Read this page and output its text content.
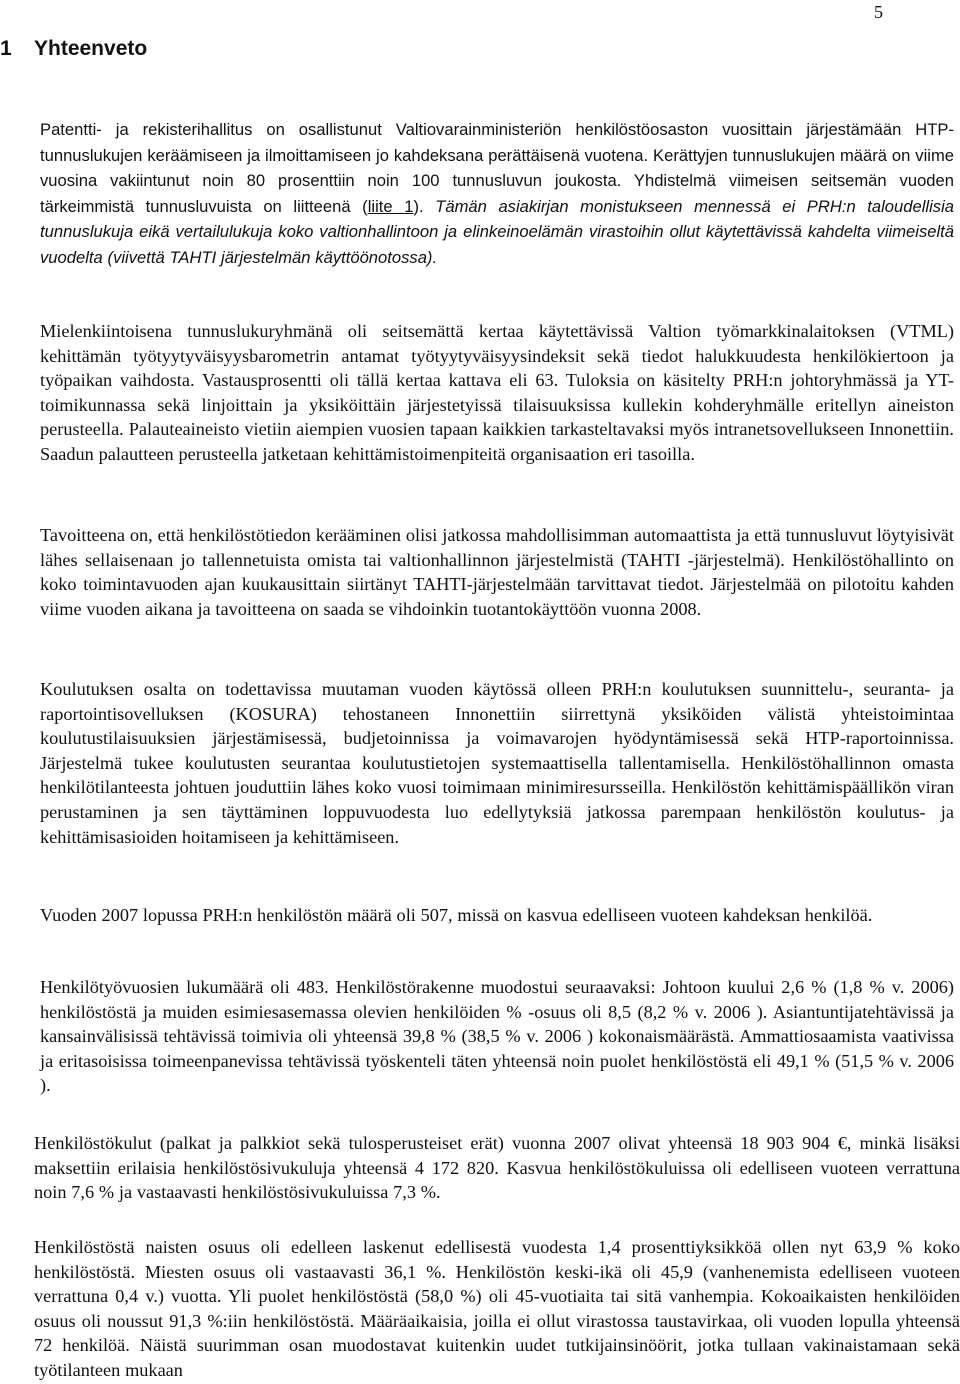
5
1 Yhteenveto

Patentti- ja rekisterihallitus on osallistunut Valtiovarainministeriön henkilöstöosaston vuosittain järjestämään HTP-tunnuslukujen keräämiseen ja ilmoittamiseen jo kahdeksana perättäisenä vuotena. Kerättyjen tunnuslukujen määrä on viime vuosina vakiintunut noin 80 prosenttiin noin 100 tunnusluvun joukosta. Yhdistelmä viimeisen seitsemän vuoden tärkeimmistä tunnusluvuista on liitteenä (liite 1). Tämän asiakirjan monistukseen mennessä ei PRH:n taloudellisia tunnuslukuja eikä vertailulukuja koko valtionhallintoon ja elinkeinoelämän virastoihin ollut käytettävissä kahdelta viimeiseltä vuodelta (viivettä TAHTI järjestelmän käyttöönotossa).

Mielenkiintoisena tunnuslukuryhmänä oli seitsemättä kertaa käytettävissä Valtion työmarkkinalaitoksen (VTML) kehittämän työtyytyväisyysbarometrin antamat työtyytyväisyysindeksit sekä tiedot halukkuudesta henkilökiertoon ja työpaikan vaihdosta. Vastausprosentti oli tällä kertaa kattava eli 63. Tuloksia on käsitelty PRH:n johtoryhmässä ja YT-toimikunnassa sekä linjoittain ja yksiköittäin järjestetyissä tilaisuuksissa kullekin kohderyhmälle eritellyn aineiston perusteella. Palauteaineisto vietiin aiempien vuosien tapaan kaikkien tarkasteltavaksi myös intranetsovellukseen Innonettiin. Saadun palautteen perusteella jatketaan kehittämistoimenpiteitä organisaation eri tasoilla.

Tavoitteena on, että henkilöstötiedon kerääminen olisi jatkossa mahdollisimman automaattista ja että tunnusluvut löytyisivät lähes sellaisenaan jo tallennetuista omista tai valtionhallinnon järjestelmistä (TAHTI -järjestelmä). Henkilöstöhallinto on koko toimintavuoden ajan kuukausittain siirtänyt TAHTI-järjestelmään tarvittavat tiedot. Järjestelmää on pilotoitu kahden viime vuoden aikana ja tavoitteena on saada se vihdoinkin tuotantokäyttöön vuonna 2008.

Koulutuksen osalta on todettavissa muutaman vuoden käytössä olleen PRH:n koulutuksen suunnittelu-, seuranta- ja raportointisovelluksen (KOSURA) tehostaneen Innonettiin siirrettynä yksiköiden välistä yhteistoimintaa koulutustilaisuuksien järjestämisessä, budjetoinnissa ja voimavarojen hyödyntämisessä sekä HTP-raportoinnissa. Järjestelmä tukee koulutusten seurantaa koulutustietojen systemaattisella tallentamisella. Henkilöstöhallinnon omasta henkilötilanteesta johtuen jouduttiin lähes koko vuosi toimimaan minimiresursseilla. Henkilöstön kehittämispäällikön viran perustaminen ja sen täyttäminen loppuvuodesta luo edellytyksiä jatkossa parempaan henkilöstön koulutus- ja kehittämisasioiden hoitamiseen ja kehittämiseen.

Vuoden 2007 lopussa PRH:n henkilöstön määrä oli 507, missä on kasvua edelliseen vuoteen kahdeksan henkilöä.

Henkilötyövuosien lukumäärä oli 483. Henkilöstörakenne muodostui seuraavaksi: Johtoon kuului 2,6 % (1,8 % v. 2006) henkilöstöstä ja muiden esimiesasemassa olevien henkilöiden % -osuus oli 8,5 (8,2 % v. 2006 ). Asiantuntijatehtävissä ja kansainvälisissä tehtävissä toimivia oli yhteensä 39,8 % (38,5 % v. 2006 ) kokonaismäärästä. Ammattiosaamista vaativissa ja eritasoisissa toimeenpanevissa tehtävissä työskenteli täten yhteensä noin puolet henkilöstöstä eli 49,1 % (51,5 % v. 2006 ).

Henkilöstökulut (palkat ja palkkiot sekä tulosperusteiset erät) vuonna 2007 olivat yhteensä 18 903 904 €, minkä lisäksi maksettiin erilaisia henkilöstösivukuluja yhteensä 4 172 820. Kasvua henkilöstökuluissa oli edelliseen vuoteen verrattuna noin 7,6 % ja vastaavasti henkilöstösivukuluissa 7,3 %.

Henkilöstöstä naisten osuus oli edelleen laskenut edellisestä vuodesta 1,4 prosenttiyksikköä ollen nyt 63,9 % koko henkilöstöstä. Miesten osuus oli vastaavasti 36,1 %. Henkilöstön keski-ikä oli 45,9 (vanhenemista edelliseen vuoteen verrattuna 0,4 v.) vuotta. Yli puolet henkilöstöstä (58,0 %) oli 45-vuotiaita tai sitä vanhempia. Kokoaikaisten henkilöiden osuus oli noussut 91,3 %:iin henkilöstöstä. Määräaikaisia, joilla ei ollut virastossa taustavirkaa, oli vuoden lopulla yhteensä 72 henkilöä. Näistä suurimman osan muodostavat kuitenkin uudet tutkijainsinöörit, jotka tullaan vakinaistamaan sekä työtilanteen mukaan
